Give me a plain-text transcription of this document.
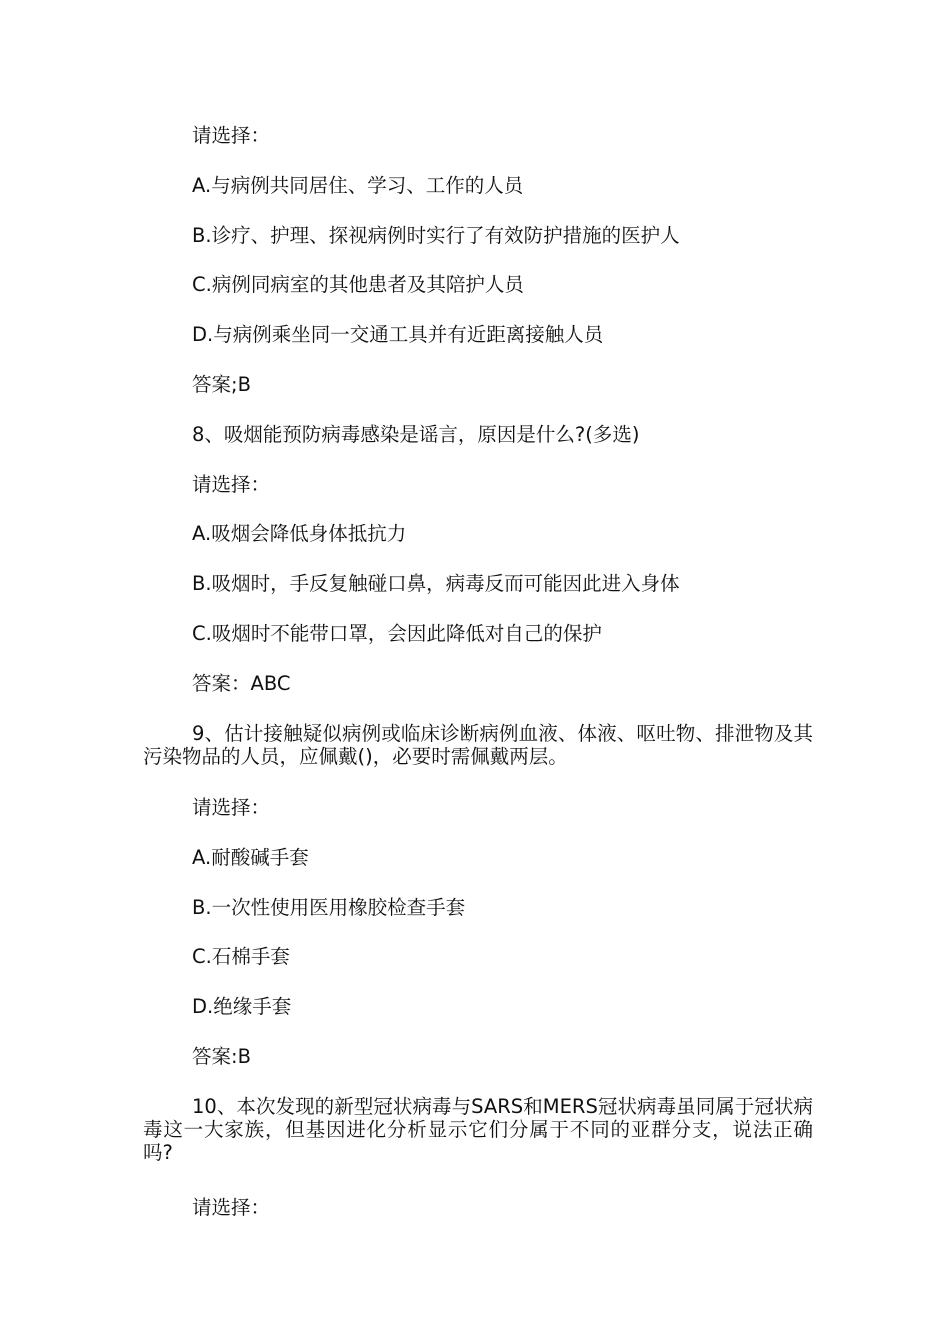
请选择：
A.与病例共同居住、学习、工作的人员
B.诊疗、护理、探视病例时实行了有效防护措施的医护人
C.病例同病室的其他患者及其陪护人员
D.与病例乘坐同一交通工具并有近距离接触人员
答案;B
8、吸烟能预防病毒感染是谣言，原因是什么?(多选)
请选择：
A.吸烟会降低身体抵抗力
B.吸烟时，手反复触碰口鼻，病毒反而可能因此进入身体
C.吸烟时不能带口罩，会因此降低对自己的保护
答案：ABC
9、估计接触疑似病例或临床诊断病例血液、体液、呕吐物、排泄物及其污染物品的人员，应佩戴()，必要时需佩戴两层。
请选择：
A.耐酸碱手套
B.一次性使用医用橡胶检查手套
C.石棉手套
D.绝缘手套
答案:B
10、本次发现的新型冠状病毒与SARS和MERS冠状病毒虽同属于冠状病毒这一大家族，但基因进化分析显示它们分属于不同的亚群分支，说法正确吗?
请选择：
